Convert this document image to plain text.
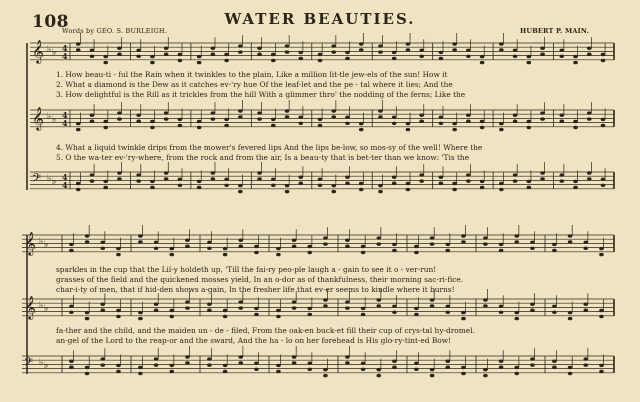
108
Words by GEO. S. BURLEIGH.
WATER BEAUTIES.
HUBERT P. MAIN.
𝄞 ♭ ♭
𝄞 ♭ ♭
𝄢 ♭ ♭
𝄞 ♭ ♭
𝄞 ♭ ♭
𝄢 ♭ ♭
4
4
4
4
4
4
1. How beau-ti - ful the Rain when it twinkles to the plain, Like a million lit-tle jew-els of the sun! How it
2. What a diamond is the Dew as it catches ev-'ry hue Of the leaf-let and the pe - tal where it lies; And the
3. How delightful is the Rill as it trickles from the hill With a glimmer thro' the nodding of the ferns; Like the
4. What a liquid twinkle drips from the mower's fevered lips And the lips be-low, so mos-sy of the well! Where the
5. O the wa-ter ev-'ry-where, from the rock and from the air, Is a beau-ty that is bet-ter than we know: 'Tis the
sparkles in the cup that the Lil-y holdeth up, 'Till the fai-ry peo-ple laugh a - gain to see it o - ver-run!
grasses of the field and the quickened mosses yield, In an o-dor as of thankfulness, their morning sac-ri-fice.
char-i-ty of men, that if hid-den shows a-gain, In the fresher life that ev-er seems to kindle where it burns!
fa-ther and the child, and the maiden un - de - filed, From the oak-en buck-et fill their cup of crys-tal hy-dromel.
an-gel of the Lord to the reap-or and the sward, And the ha - lo on her forehead is His glo-ry-tint-ed Bow!
